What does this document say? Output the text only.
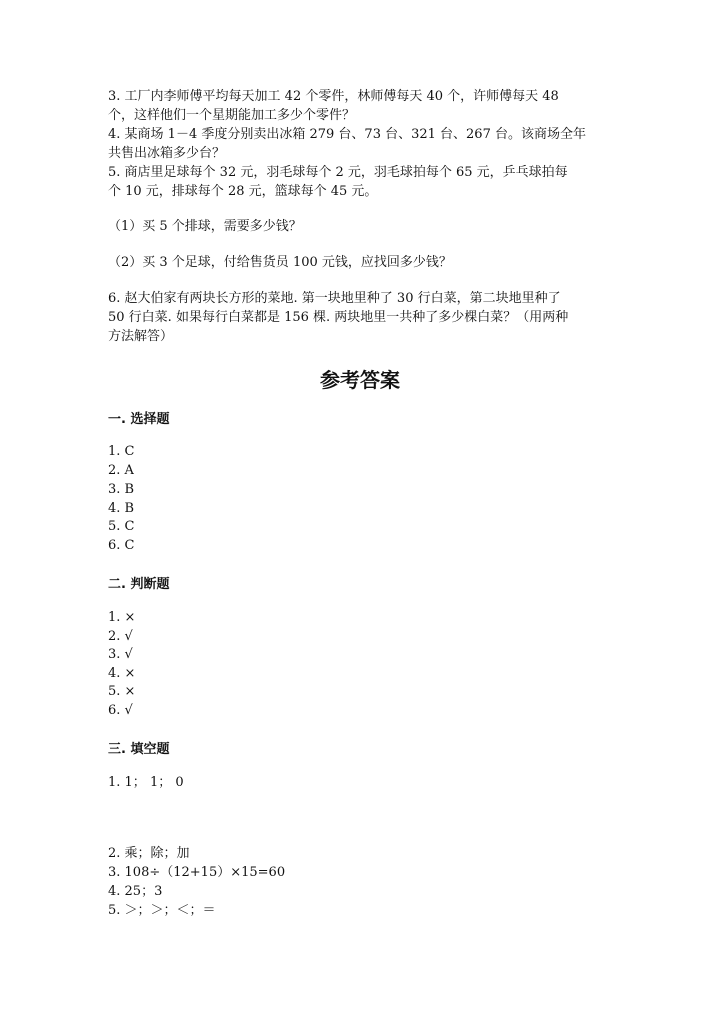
3. 工厂内李师傅平均每天加工 42 个零件，林师傅每天 40 个，许师傅每天 48
个，这样他们一个星期能加工多少个零件？
4. 某商场 1－4 季度分别卖出冰箱 279 台、73 台、321 台、267 台。该商场全年
共售出冰箱多少台？
5. 商店里足球每个 32 元，羽毛球每个 2 元，羽毛球拍每个 65 元，乒乓球拍每
个 10 元，排球每个 28 元，篮球每个 45 元。
（1）买 5 个排球，需要多少钱？
（2）买 3 个足球，付给售货员 100 元钱，应找回多少钱？
6. 赵大伯家有两块长方形的菜地. 第一块地里种了 30 行白菜，第二块地里种了
50 行白菜. 如果每行白菜都是 156 棵. 两块地里一共种了多少棵白菜？（用两种
方法解答）
参考答案
一. 选择题
1. C
2. A
3. B
4. B
5. C
6. C
二. 判断题
1. ×
2. √
3. √
4. ×
5. ×
6. √
三. 填空题
1. 1； 1； 0
2. 乘；除；加
3. 108÷（12+15）×15=60
4. 25；3
5. ＞；＞；＜；＝
